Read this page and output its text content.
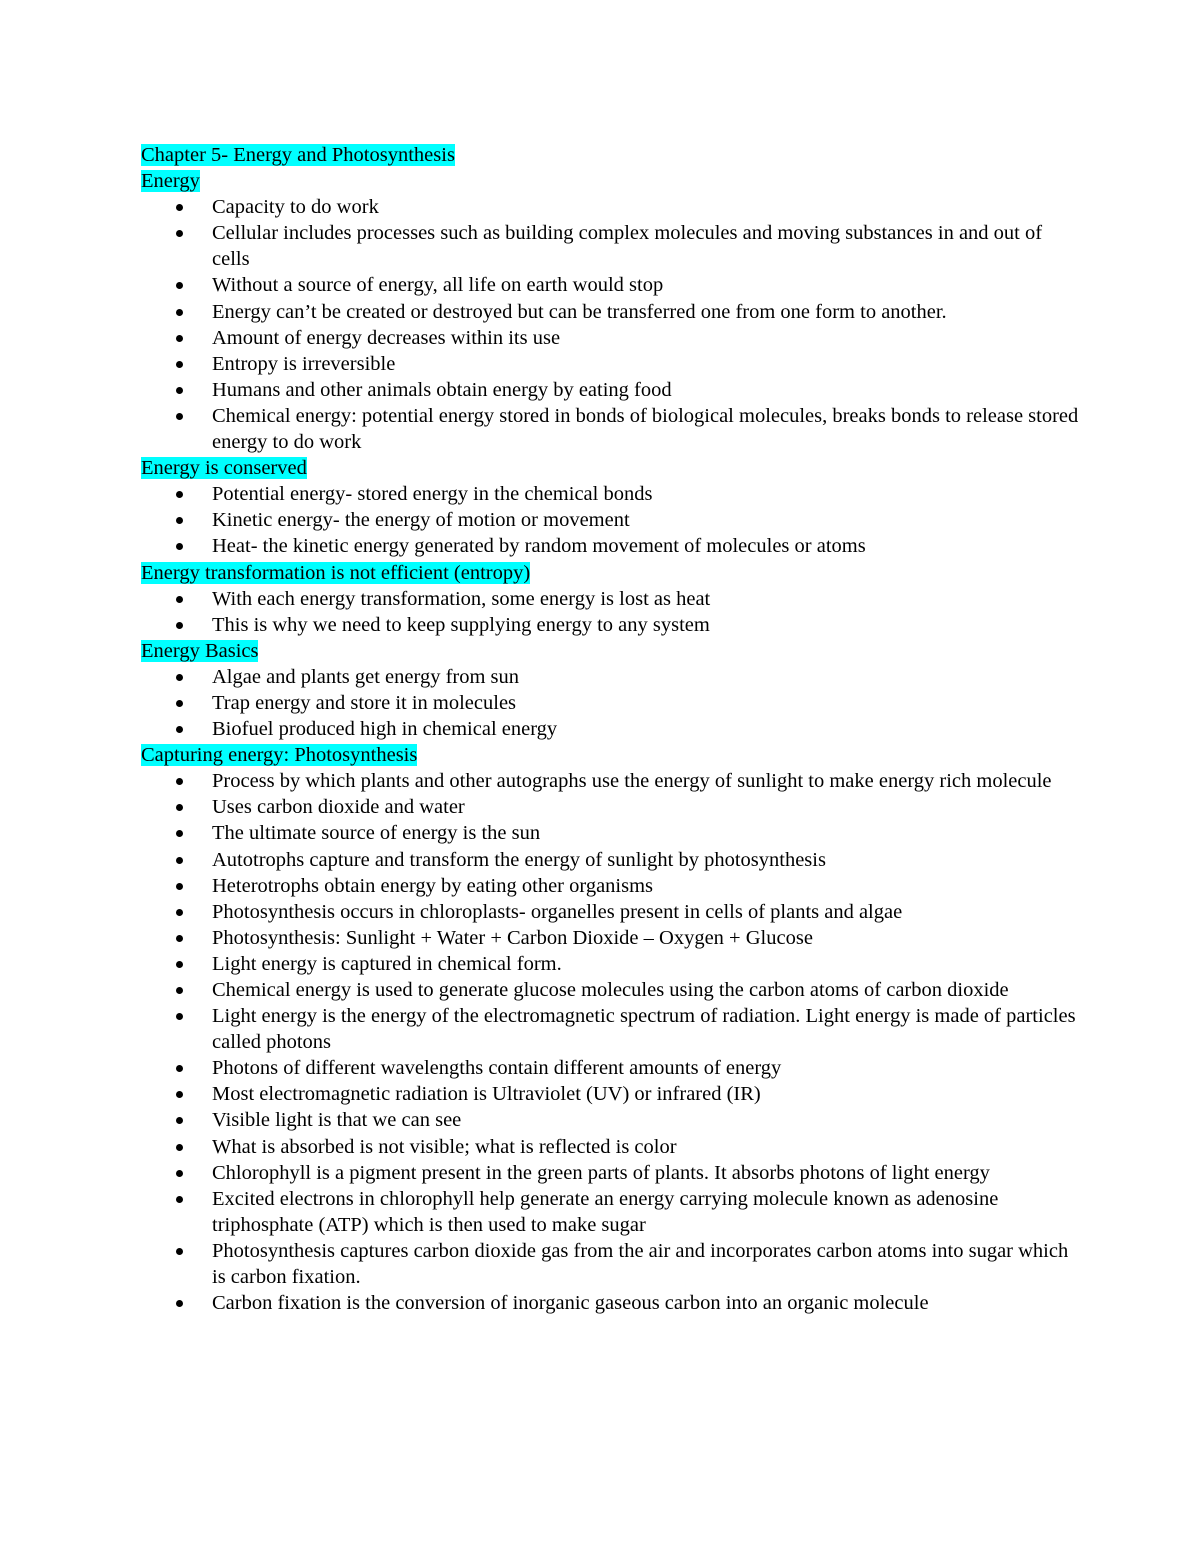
Chapter 5- Energy and Photosynthesis

Energy

Capacity to do work
Cellular includes processes such as building complex molecules and moving substances in and out of cells
Without a source of energy, all life on earth would stop
Energy can’t be created or destroyed but can be transferred one from one form to another.
Amount of energy decreases within its use
Entropy is irreversible
Humans and other animals obtain energy by eating food
Chemical energy: potential energy stored in bonds of biological molecules, breaks bonds to release stored energy to do work

Energy is conserved

Potential energy- stored energy in the chemical bonds
Kinetic energy- the energy of motion or movement
Heat- the kinetic energy generated by random movement of molecules or atoms

Energy transformation is not efficient (entropy)

With each energy transformation, some energy is lost as heat
This is why we need to keep supplying energy to any system

Energy Basics

Algae and plants get energy from sun
Trap energy and store it in molecules
Biofuel produced high in chemical energy

Capturing energy: Photosynthesis

Process by which plants and other autographs use the energy of sunlight to make energy rich molecule
Uses carbon dioxide and water
The ultimate source of energy is the sun
Autotrophs capture and transform the energy of sunlight by photosynthesis
Heterotrophs obtain energy by eating other organisms
Photosynthesis occurs in chloroplasts- organelles present in cells of plants and algae
Photosynthesis: Sunlight + Water + Carbon Dioxide – Oxygen + Glucose
Light energy is captured in chemical form.
Chemical energy is used to generate glucose molecules using the carbon atoms of carbon dioxide
Light energy is the energy of the electromagnetic spectrum of radiation. Light energy is made of particles called photons
Photons of different wavelengths contain different amounts of energy
Most electromagnetic radiation is Ultraviolet (UV) or infrared (IR)
Visible light is that we can see
What is absorbed is not visible; what is reflected is color
Chlorophyll is a pigment present in the green parts of plants. It absorbs photons of light energy
Excited electrons in chlorophyll help generate an energy carrying molecule known as adenosine triphosphate (ATP) which is then used to make sugar
Photosynthesis captures carbon dioxide gas from the air and incorporates carbon atoms into sugar which is carbon fixation.
Carbon fixation is the conversion of inorganic gaseous carbon into an organic molecule
